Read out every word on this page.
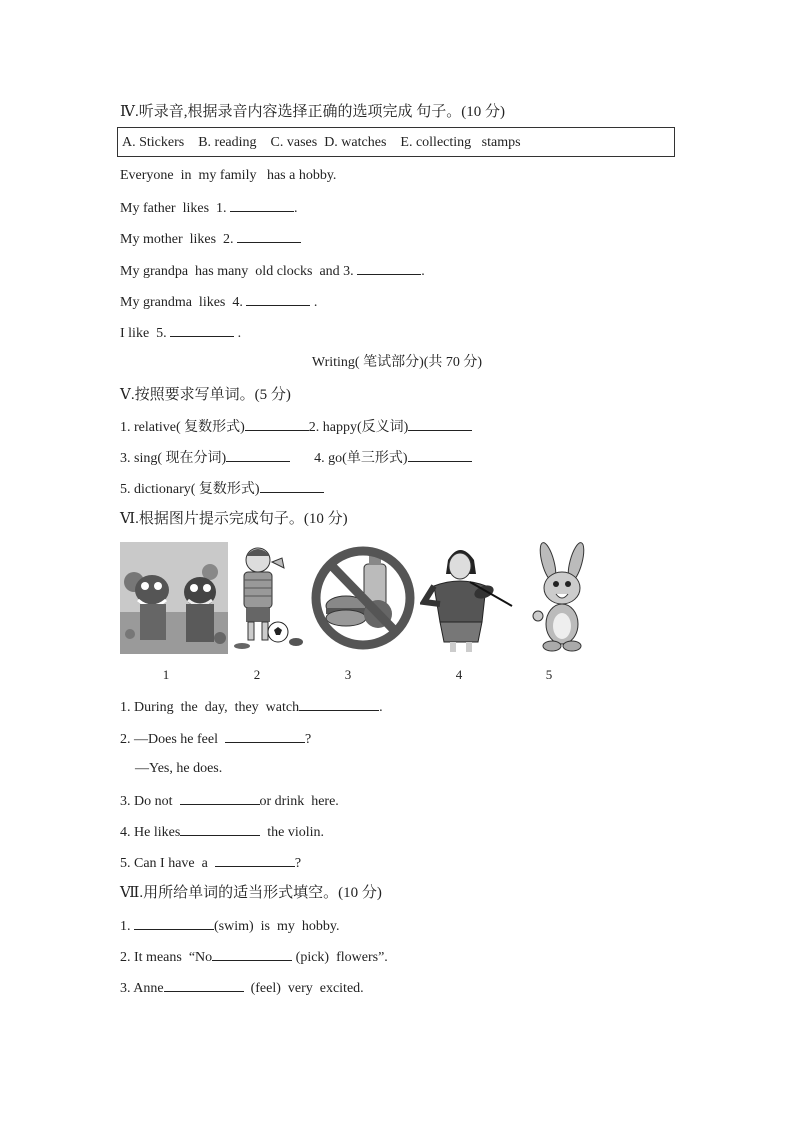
Ⅳ.听录音,根据录音内容选择正确的选项完成 句子。(10 分)
A. Stickers    B. reading    C. vases  D. watches    E. collecting   stamps
Everyone  in  my family   has a hobby.
My father  likes  1.	.
My mother  likes  2.
My grandpa  has many  old clocks  and 3.	.
My grandma  likes  4.	.
I like  5.	.
Writing( 笔试部分)(共 70 分)
Ⅴ.按照要求写单词。(5 分)
1. relative( 复数形式)	2. happy(反义词)
3. sing( 现在分词)	4. go(单三形式)
5. dictionary( 复数形式)
Ⅵ.根据图片提示完成句子。(10 分)
1	2	3	4	5
1. During  the  day,  they  watch	.
2. —Does he feel	?
—Yes, he does.
3. Do not	or drink  here.
4. He likes	the violin.
5. Can I have  a	?
Ⅶ.用所给单词的适当形式填空。(10 分)
1.	(swim)  is  my  hobby.
2. It means  “No	(pick)  flowers”.
3. Anne	(feel)  very  excited.
